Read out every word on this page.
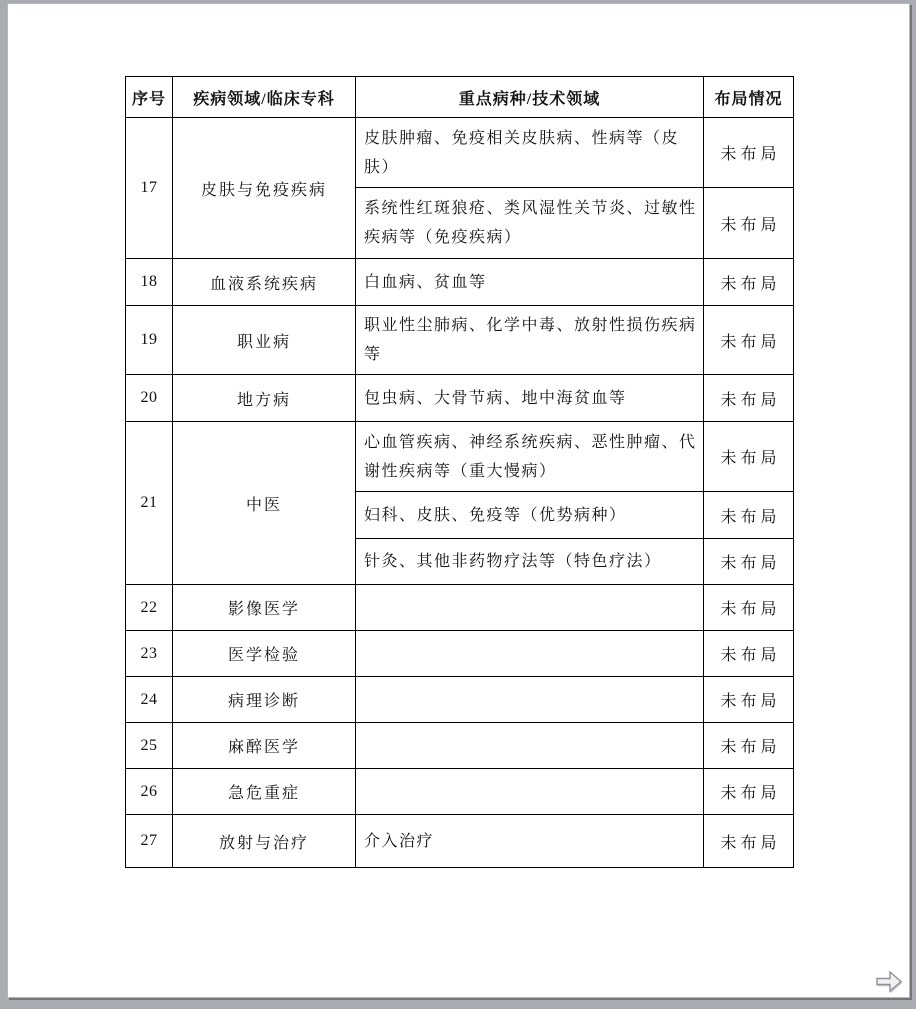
序号	疾病领域/临床专科	重点病种/技术领域	布局情况
17	皮肤与免疫疾病	皮肤肿瘤、免疫相关皮肤病、性病等（皮肤）	未布局
		系统性红斑狼疮、类风湿性关节炎、过敏性疾病等（免疫疾病）	未布局
18	血液系统疾病	白血病、贫血等	未布局
19	职业病	职业性尘肺病、化学中毒、放射性损伤疾病等	未布局
20	地方病	包虫病、大骨节病、地中海贫血等	未布局
21	中医	心血管疾病、神经系统疾病、恶性肿瘤、代谢性疾病等（重大慢病）	未布局
		妇科、皮肤、免疫等（优势病种）	未布局
		针灸、其他非药物疗法等（特色疗法）	未布局
22	影像医学		未布局
23	医学检验		未布局
24	病理诊断		未布局
25	麻醉医学		未布局
26	急危重症		未布局
27	放射与治疗	介入治疗	未布局
